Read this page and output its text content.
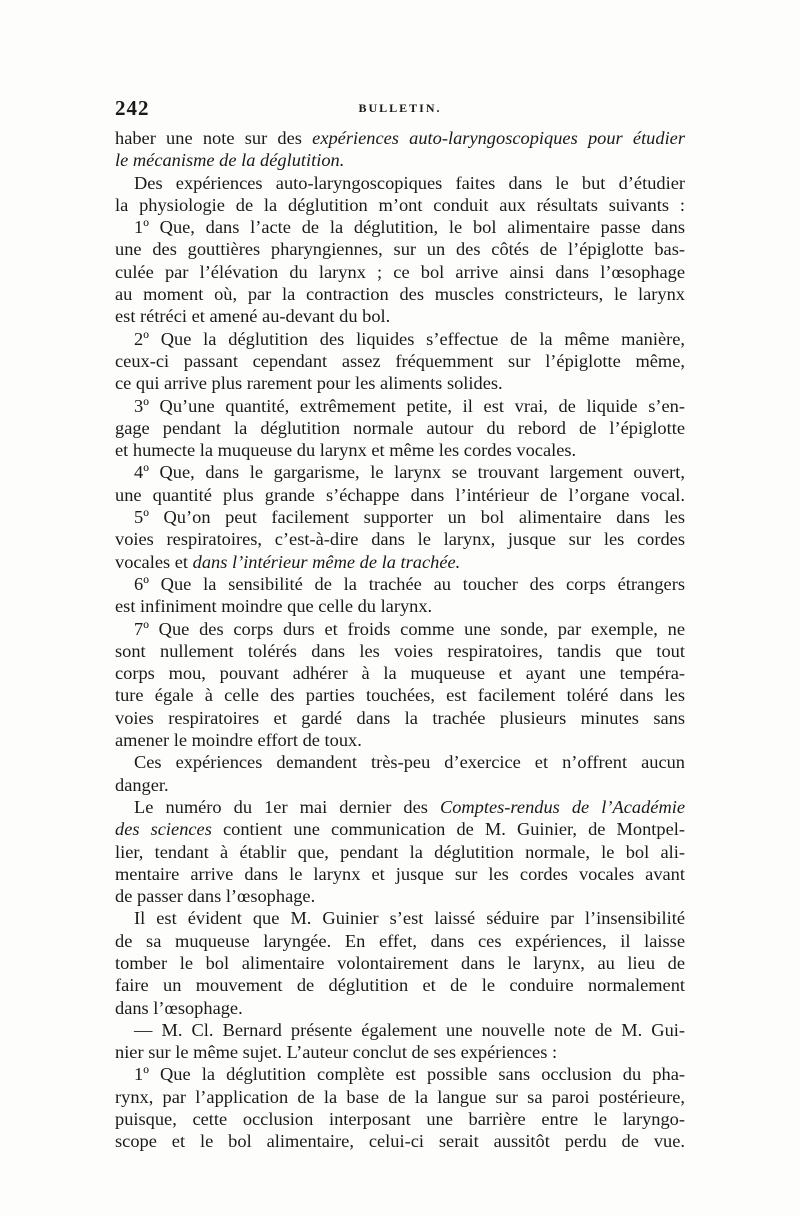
242	BULLETIN.
haber une note sur des expériences auto-laryngoscopiques pour étudier
le mécanisme de la déglutition.
Des expériences auto-laryngoscopiques faites dans le but d’étudier
la physiologie de la déglutition m’ont conduit aux résultats suivants :
1º Que, dans l’acte de la déglutition, le bol alimentaire passe dans
une des gouttières pharyngiennes, sur un des côtés de l’épiglotte bas-
culée par l’élévation du larynx ; ce bol arrive ainsi dans l’œsophage
au moment où, par la contraction des muscles constricteurs, le larynx
est rétréci et amené au-devant du bol.
2º Que la déglutition des liquides s’effectue de la même manière,
ceux-ci passant cependant assez fréquemment sur l’épiglotte même,
ce qui arrive plus rarement pour les aliments solides.
3º Qu’une quantité, extrêmement petite, il est vrai, de liquide s’en-
gage pendant la déglutition normale autour du rebord de l’épiglotte
et humecte la muqueuse du larynx et même les cordes vocales.
4º Que, dans le gargarisme, le larynx se trouvant largement ouvert,
une quantité plus grande s’échappe dans l’intérieur de l’organe vocal.
5º Qu’on peut facilement supporter un bol alimentaire dans les
voies respiratoires, c’est-à-dire dans le larynx, jusque sur les cordes
vocales et dans l’intérieur même de la trachée.
6º Que la sensibilité de la trachée au toucher des corps étrangers
est infiniment moindre que celle du larynx.
7º Que des corps durs et froids comme une sonde, par exemple, ne
sont nullement tolérés dans les voies respiratoires, tandis que tout
corps mou, pouvant adhérer à la muqueuse et ayant une tempéra-
ture égale à celle des parties touchées, est facilement toléré dans les
voies respiratoires et gardé dans la trachée plusieurs minutes sans
amener le moindre effort de toux.
Ces expériences demandent très-peu d’exercice et n’offrent aucun
danger.
Le numéro du 1er mai dernier des Comptes-rendus de l’Académie
des sciences contient une communication de M. Guinier, de Montpel-
lier, tendant à établir que, pendant la déglutition normale, le bol ali-
mentaire arrive dans le larynx et jusque sur les cordes vocales avant
de passer dans l’œsophage.
Il est évident que M. Guinier s’est laissé séduire par l’insensibilité
de sa muqueuse laryngée. En effet, dans ces expériences, il laisse
tomber le bol alimentaire volontairement dans le larynx, au lieu de
faire un mouvement de déglutition et de le conduire normalement
dans l’œsophage.
— M. Cl. Bernard présente également une nouvelle note de M. Gui-
nier sur le même sujet. L’auteur conclut de ses expériences :
1º Que la déglutition complète est possible sans occlusion du pha-
rynx, par l’application de la base de la langue sur sa paroi postérieure,
puisque, cette occlusion interposant une barrière entre le laryngo-
scope et le bol alimentaire, celui-ci serait aussitôt perdu de vue.
